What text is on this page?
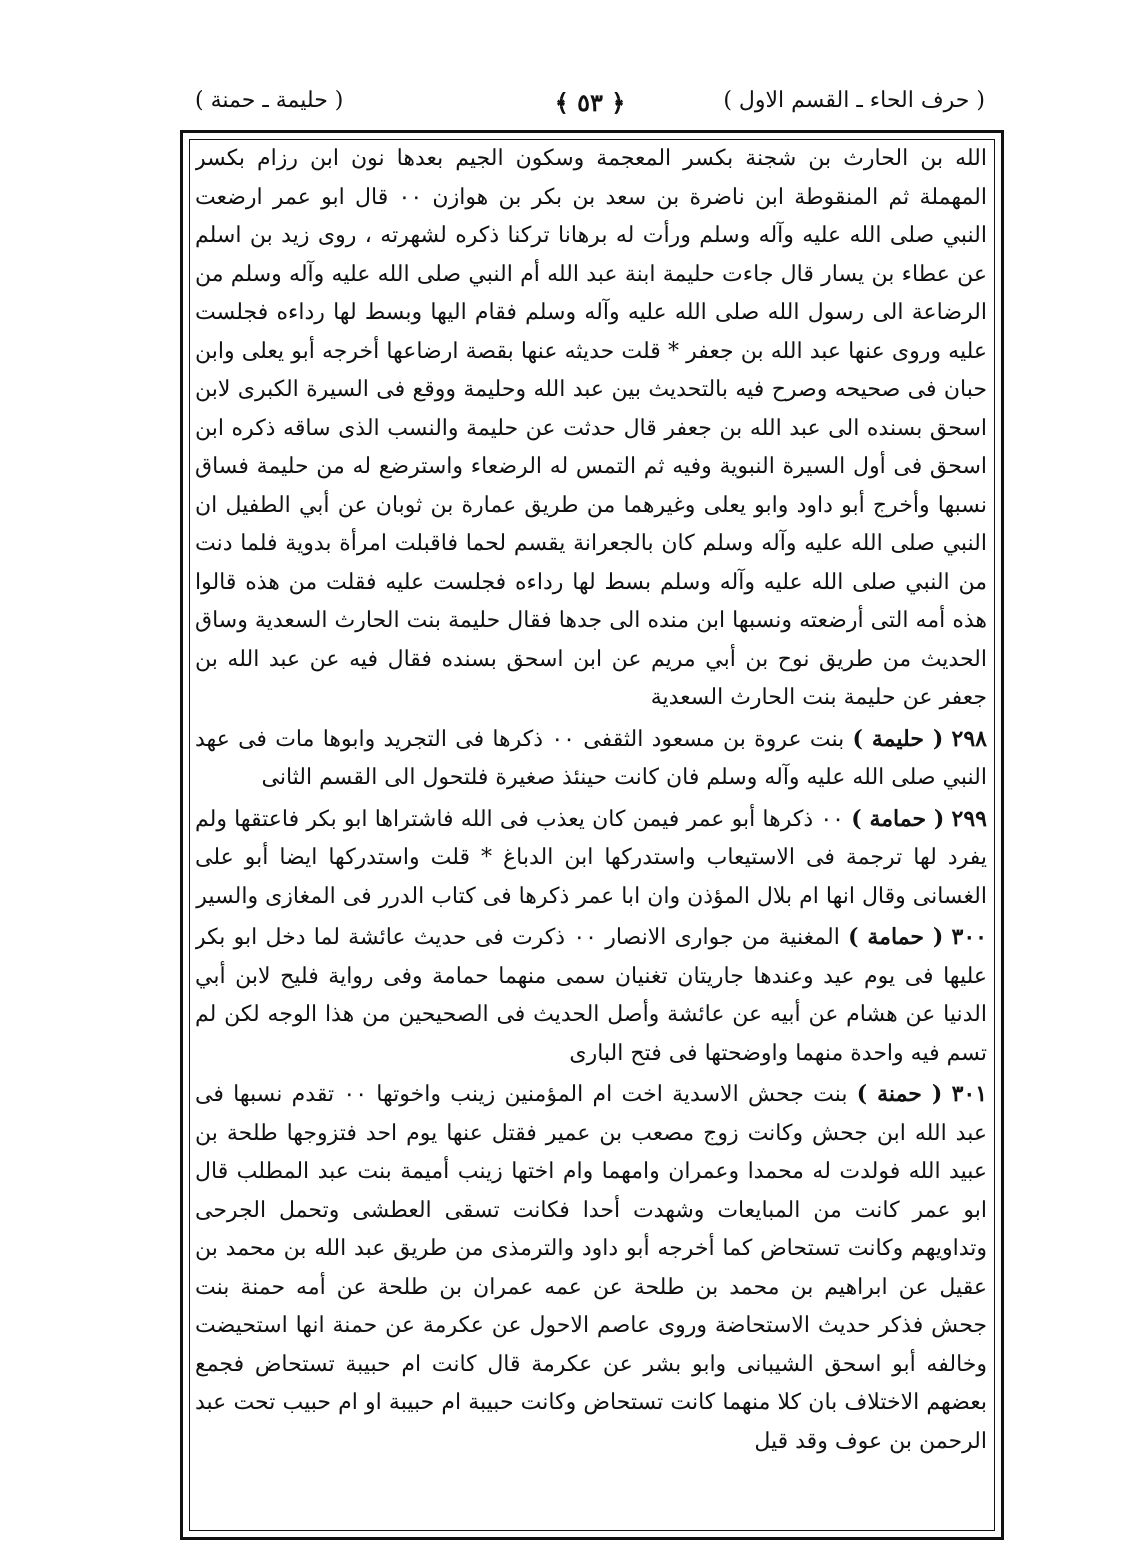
( حرف الحاء ـ القسم الاول )
﴿ ٥٣ ﴾
( حليمة ـ حمنة )

الله بن الحارث بن شجنة بكسر المعجمة وسكون الجيم بعدها نون ابن رزام بكسر المهملة ثم المنقوطة ابن ناضرة بن سعد بن بكر بن هوازن ٠٠ قال ابو عمر ارضعت النبي صلى الله عليه وآله وسلم ورأت له برهانا تركنا ذكره لشهرته ، روى زيد بن اسلم عن عطاء بن يسار قال جاءت حليمة ابنة عبد الله أم النبي صلى الله عليه وآله وسلم من الرضاعة الى رسول الله صلى الله عليه وآله وسلم فقام اليها وبسط لها رداءه فجلست عليه وروى عنها عبد الله بن جعفر * قلت حديثه عنها بقصة ارضاعها أخرجه أبو يعلى وابن حبان فى صحيحه وصرح فيه بالتحديث بين عبد الله وحليمة ووقع فى السيرة الكبرى لابن اسحق بسنده الى عبد الله بن جعفر قال حدثت عن حليمة والنسب الذى ساقه ذكره ابن اسحق فى أول السيرة النبوية وفيه ثم التمس له الرضعاء واسترضع له من حليمة فساق نسبها وأخرج أبو داود وابو يعلى وغيرهما من طريق عمارة بن ثوبان عن أبي الطفيل ان النبي صلى الله عليه وآله وسلم كان بالجعرانة يقسم لحما فاقبلت امرأة بدوية فلما دنت من النبي صلى الله عليه وآله وسلم بسط لها رداءه فجلست عليه فقلت من هذه قالوا هذه أمه التى أرضعته ونسبها ابن منده الى جدها فقال حليمة بنت الحارث السعدية وساق الحديث من طريق نوح بن أبي مريم عن ابن اسحق بسنده فقال فيه عن عبد الله بن جعفر عن حليمة بنت الحارث السعدية

٢٩٨ ( حليمة ) بنت عروة بن مسعود الثقفى ٠٠ ذكرها فى التجريد وابوها مات فى عهد النبي صلى الله عليه وآله وسلم فان كانت حينئذ صغيرة فلتحول الى القسم الثانى

٢٩٩ ( حمامة ) ٠٠ ذكرها أبو عمر فيمن كان يعذب فى الله فاشتراها ابو بكر فاعتقها ولم يفرد لها ترجمة فى الاستيعاب واستدركها ابن الدباغ * قلت واستدركها ايضا أبو على الغسانى وقال انها ام بلال المؤذن وان ابا عمر ذكرها فى كتاب الدرر فى المغازى والسير

٣٠٠ ( حمامة ) المغنية من جوارى الانصار ٠٠ ذكرت فى حديث عائشة لما دخل ابو بكر عليها فى يوم عيد وعندها جاريتان تغنيان سمى منهما حمامة وفى رواية فليح لابن أبي الدنيا عن هشام عن أبيه عن عائشة وأصل الحديث فى الصحيحين من هذا الوجه لكن لم تسم فيه واحدة منهما واوضحتها فى فتح البارى

٣٠١ ( حمنة ) بنت جحش الاسدية اخت ام المؤمنين زينب واخوتها ٠٠ تقدم نسبها فى عبد الله ابن جحش وكانت زوج مصعب بن عمير فقتل عنها يوم احد فتزوجها طلحة بن عبيد الله فولدت له محمدا وعمران وامهما وام اختها زينب أميمة بنت عبد المطلب قال ابو عمر كانت من المبايعات وشهدت أحدا فكانت تسقى العطشى وتحمل الجرحى وتداويهم وكانت تستحاض كما أخرجه أبو داود والترمذى من طريق عبد الله بن محمد بن عقيل عن ابراهيم بن محمد بن طلحة عن عمه عمران بن طلحة عن أمه حمنة بنت جحش فذكر حديث الاستحاضة وروى عاصم الاحول عن عكرمة عن حمنة انها استحيضت وخالفه أبو اسحق الشيبانى وابو بشر عن عكرمة قال كانت ام حبيبة تستحاض فجمع بعضهم الاختلاف بان كلا منهما كانت تستحاض وكانت حبيبة ام حبيبة او ام حبيب تحت عبد الرحمن بن عوف وقد قيل
